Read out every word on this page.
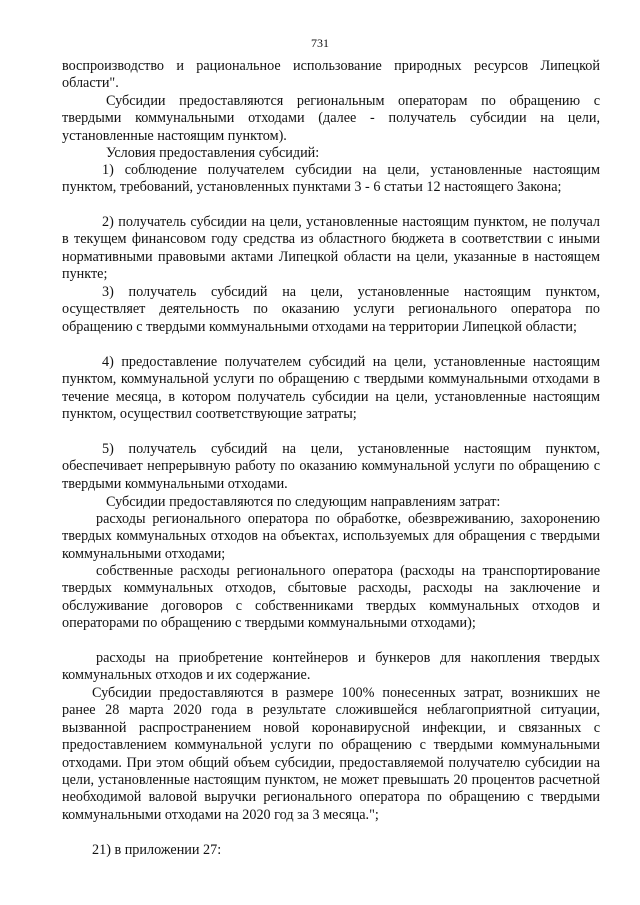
731

воспроизводство и рациональное использование природных ресурсов Липецкой области".

Субсидии предоставляются региональным операторам по обращению с твердыми коммунальными отходами (далее - получатель субсидии на цели, установленные настоящим пунктом).

Условия предоставления субсидий:

1) соблюдение получателем субсидии на цели, установленные настоящим пунктом, требований, установленных пунктами 3 - 6 статьи 12 настоящего Закона;

2) получатель субсидии на цели, установленные настоящим пунктом, не получал в текущем финансовом году средства из областного бюджета в соответствии с иными нормативными правовыми актами Липецкой области на цели, указанные в настоящем пункте;

3) получатель субсидий на цели, установленные настоящим пунктом, осуществляет деятельность по оказанию услуги регионального оператора по обращению с твердыми коммунальными отходами на территории Липецкой области;

4) предоставление получателем субсидий на цели, установленные настоящим пунктом, коммунальной услуги по обращению с твердыми коммунальными отходами в течение месяца, в котором получатель субсидии на цели, установленные настоящим пунктом, осуществил соответствующие затраты;

5) получатель субсидий на цели, установленные настоящим пунктом, обеспечивает непрерывную работу по оказанию коммунальной услуги по обращению с твердыми коммунальными отходами.

Субсидии предоставляются по следующим направлениям затрат:

расходы регионального оператора по обработке, обезвреживанию, захоронению твердых коммунальных отходов на объектах, используемых для обращения с твердыми коммунальными отходами;

собственные расходы регионального оператора (расходы на транспортирование твердых коммунальных отходов, сбытовые расходы, расходы на заключение и обслуживание договоров с собственниками твердых коммунальных отходов и операторами по обращению с твердыми коммунальными отходами);

расходы на приобретение контейнеров и бункеров для накопления твердых коммунальных отходов и их содержание.

Субсидии предоставляются в размере 100% понесенных затрат, возникших не ранее 28 марта 2020 года в результате сложившейся неблагоприятной ситуации, вызванной распространением новой коронавирусной инфекции, и связанных с предоставлением коммунальной услуги по обращению с твердыми коммунальными отходами. При этом общий объем субсидии, предоставляемой получателю субсидии на цели, установленные настоящим пунктом, не может превышать 20 процентов расчетной необходимой валовой выручки регионального оператора по обращению с твердыми коммунальными отходами на 2020 год за 3 месяца.";

21) в приложении 27:
